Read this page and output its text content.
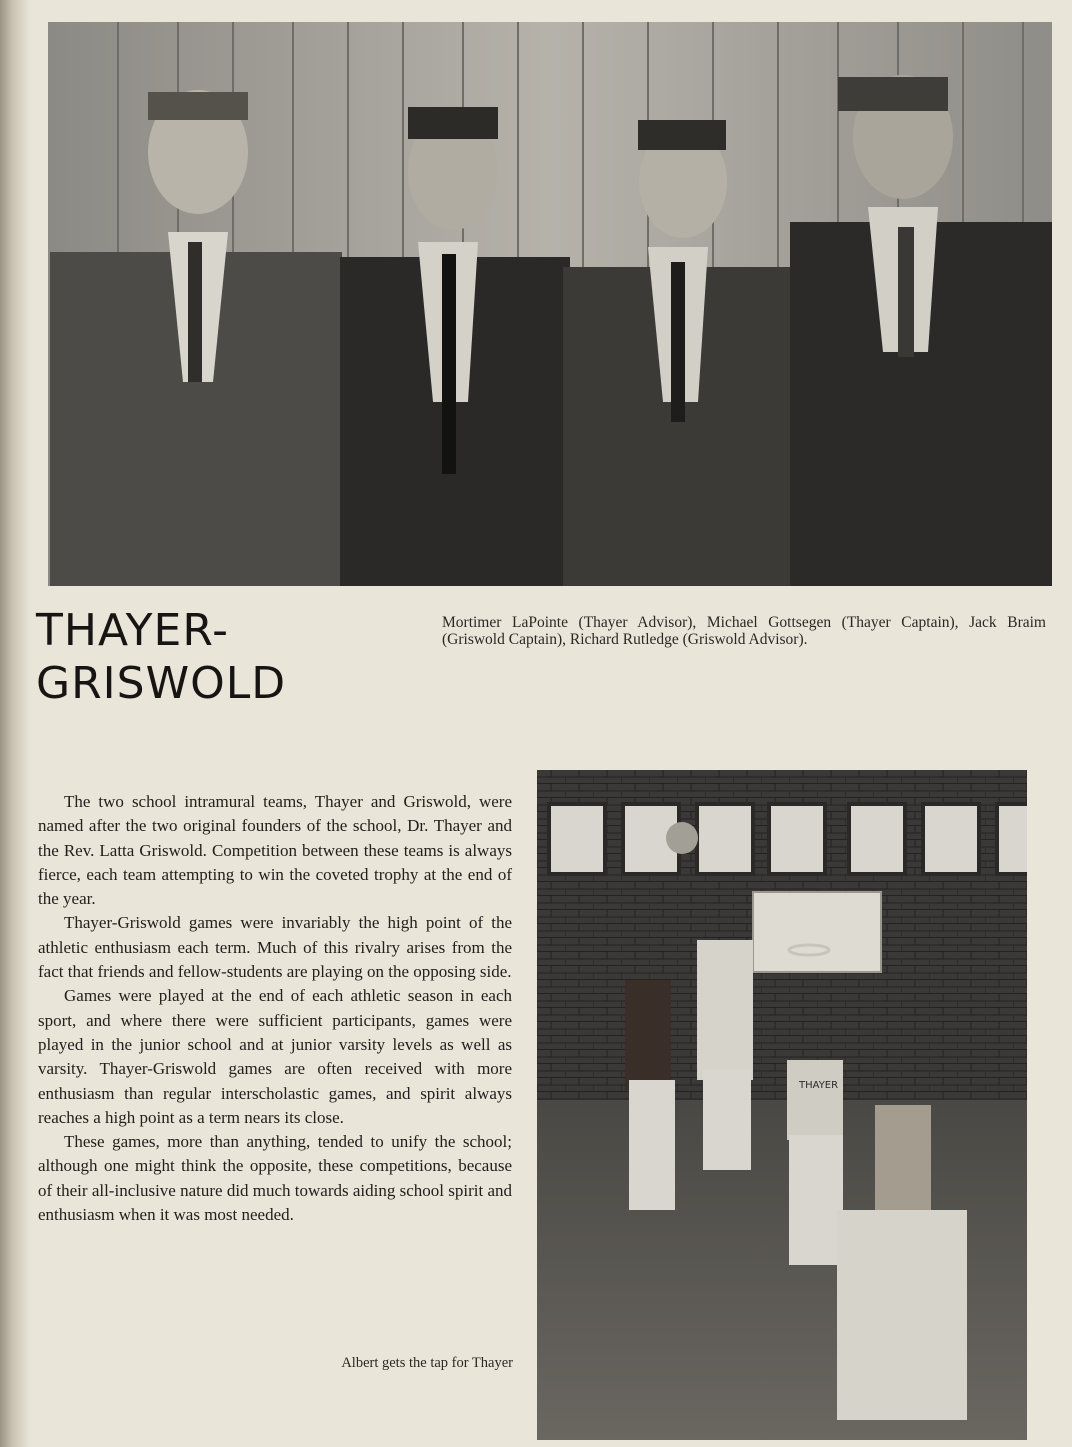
THAYER-
GRISWOLD
Mortimer LaPointe (Thayer Advisor), Michael Gottsegen (Thayer Captain), Jack Braim (Griswold Captain), Richard Rutledge (Griswold Advisor).

The two school intramural teams, Thayer and Griswold, were named after the two original founders of the school, Dr. Thayer and the Rev. Latta Griswold. Competition between these teams is always fierce, each team attempting to win the coveted trophy at the end of the year.

Thayer-Griswold games were invariably the high point of the athletic enthusiasm each term. Much of this rivalry arises from the fact that friends and fellow-students are playing on the opposing side.

Games were played at the end of each athletic season in each sport, and where there were sufficient participants, games were played in the junior school and at junior varsity levels as well as varsity. Thayer-Griswold games are often received with more enthusiasm than regular interscholastic games, and spirit always reaches a high point as a term nears its close.

These games, more than anything, tended to unify the school; although one might think the opposite, these competitions, because of their all-inclusive nature did much towards aiding school spirit and enthusiasm when it was most needed.

THAYER
Albert gets the tap for Thayer
